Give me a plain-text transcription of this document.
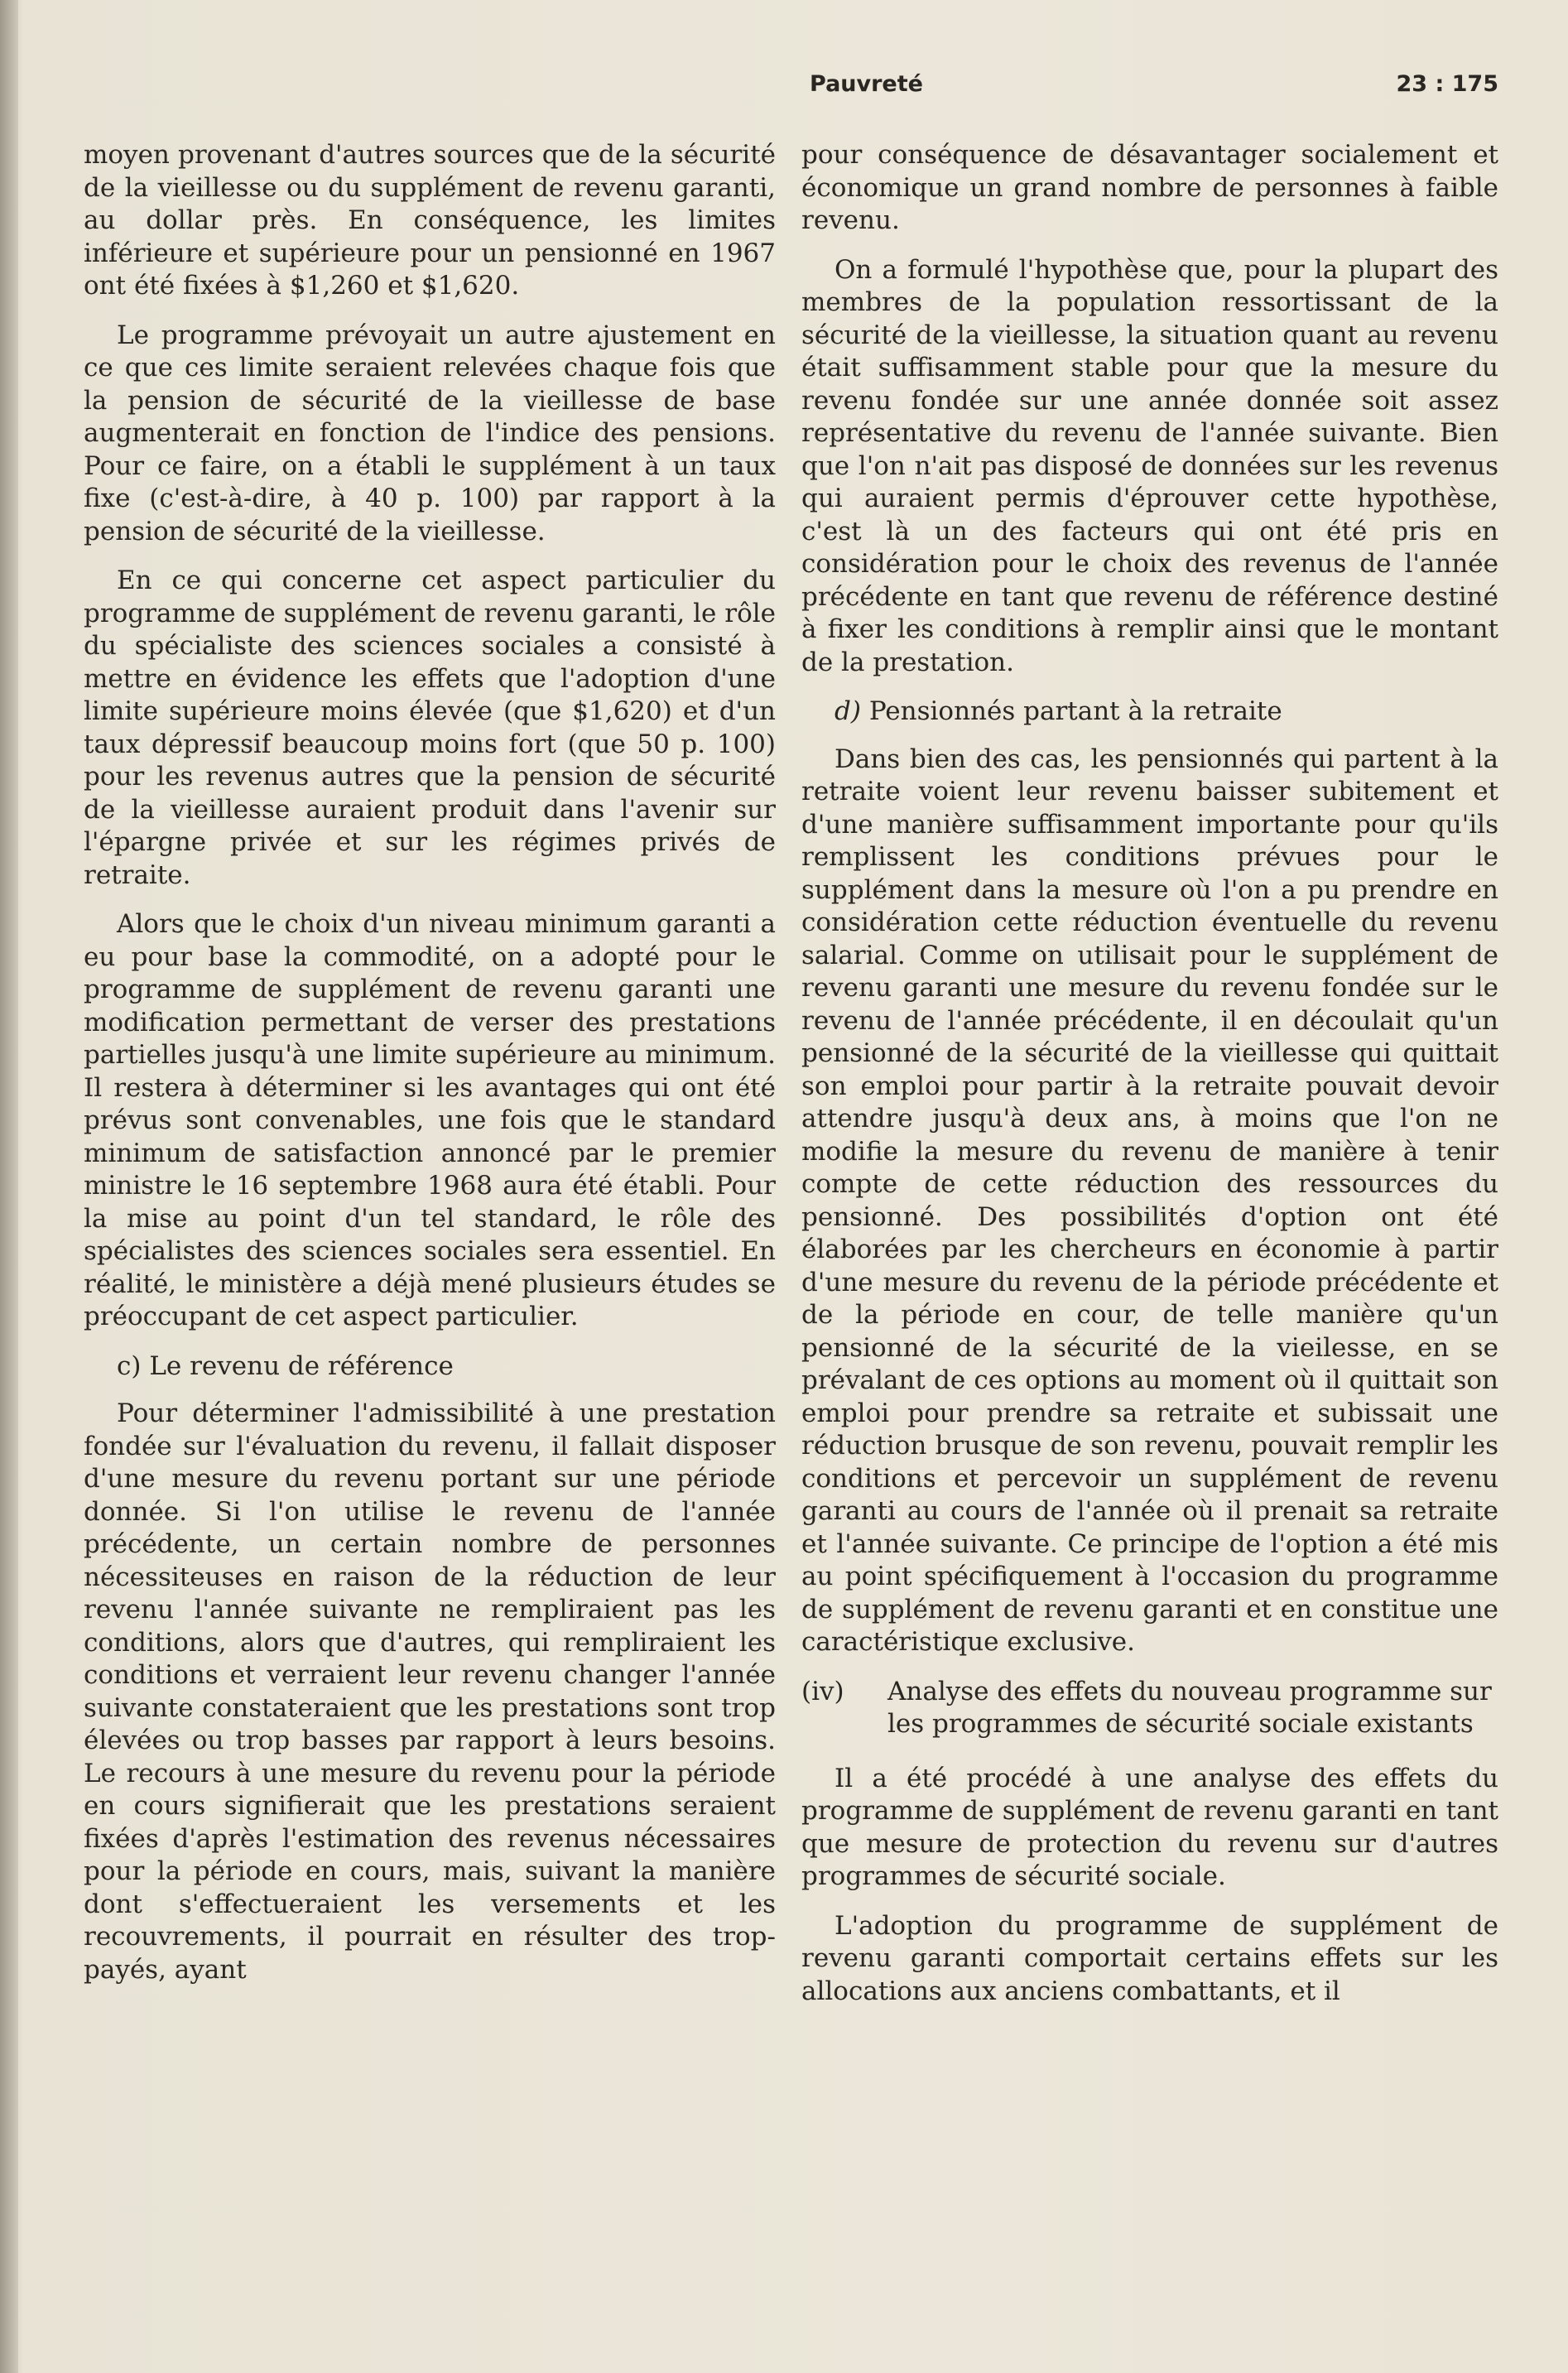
Pauvreté	23 : 175

moyen provenant d'autres sources que de la sécurité de la vieillesse ou du supplément de revenu garanti, au dollar près. En conséquence, les limites inférieure et supérieure pour un pensionné en 1967 ont été fixées à $1,260 et $1,620.

Le programme prévoyait un autre ajustement en ce que ces limite seraient relevées chaque fois que la pension de sécurité de la vieillesse de base augmenterait en fonction de l'indice des pensions. Pour ce faire, on a établi le supplément à un taux fixe (c'est-à-dire, à 40 p. 100) par rapport à la pension de sécurité de la vieillesse.

En ce qui concerne cet aspect particulier du programme de supplément de revenu garanti, le rôle du spécialiste des sciences sociales a consisté à mettre en évidence les effets que l'adoption d'une limite supérieure moins élevée (que $1,620) et d'un taux dépressif beaucoup moins fort (que 50 p. 100) pour les revenus autres que la pension de sécurité de la vieillesse auraient produit dans l'avenir sur l'épargne privée et sur les régimes privés de retraite.

Alors que le choix d'un niveau minimum garanti a eu pour base la commodité, on a adopté pour le programme de supplément de revenu garanti une modification permettant de verser des prestations partielles jusqu'à une limite supérieure au minimum. Il restera à déterminer si les avantages qui ont été prévus sont convenables, une fois que le standard minimum de satisfaction annoncé par le premier ministre le 16 septembre 1968 aura été établi. Pour la mise au point d'un tel standard, le rôle des spécialistes des sciences sociales sera essentiel. En réalité, le ministère a déjà mené plusieurs études se préoccupant de cet aspect particulier.

c) Le revenu de référence

Pour déterminer l'admissibilité à une prestation fondée sur l'évaluation du revenu, il fallait disposer d'une mesure du revenu portant sur une période donnée. Si l'on utilise le revenu de l'année précédente, un certain nombre de personnes nécessiteuses en raison de la réduction de leur revenu l'année suivante ne rempliraient pas les conditions, alors que d'autres, qui rempliraient les conditions et verraient leur revenu changer l'année suivante constateraient que les prestations sont trop élevées ou trop basses par rapport à leurs besoins. Le recours à une mesure du revenu pour la période en cours signifierait que les prestations seraient fixées d'après l'estimation des revenus nécessaires pour la période en cours, mais, suivant la manière dont s'effectueraient les versements et les recouvrements, il pourrait en résulter des trop-payés, ayant

pour conséquence de désavantager socialement et économique un grand nombre de personnes à faible revenu.

On a formulé l'hypothèse que, pour la plupart des membres de la population ressortissant de la sécurité de la vieillesse, la situation quant au revenu était suffisamment stable pour que la mesure du revenu fondée sur une année donnée soit assez représentative du revenu de l'année suivante. Bien que l'on n'ait pas disposé de données sur les revenus qui auraient permis d'éprouver cette hypothèse, c'est là un des facteurs qui ont été pris en considération pour le choix des revenus de l'année précédente en tant que revenu de référence destiné à fixer les conditions à remplir ainsi que le montant de la prestation.

d) Pensionnés partant à la retraite

Dans bien des cas, les pensionnés qui partent à la retraite voient leur revenu baisser subitement et d'une manière suffisamment importante pour qu'ils remplissent les conditions prévues pour le supplément dans la mesure où l'on a pu prendre en considération cette réduction éventuelle du revenu salarial. Comme on utilisait pour le supplément de revenu garanti une mesure du revenu fondée sur le revenu de l'année précédente, il en découlait qu'un pensionné de la sécurité de la vieillesse qui quittait son emploi pour partir à la retraite pouvait devoir attendre jusqu'à deux ans, à moins que l'on ne modifie la mesure du revenu de manière à tenir compte de cette réduction des ressources du pensionné. Des possibilités d'option ont été élaborées par les chercheurs en économie à partir d'une mesure du revenu de la période précédente et de la période en cour, de telle manière qu'un pensionné de la sécurité de la vieilesse, en se prévalant de ces options au moment où il quittait son emploi pour prendre sa retraite et subissait une réduction brusque de son revenu, pouvait remplir les conditions et percevoir un supplément de revenu garanti au cours de l'année où il prenait sa retraite et l'année suivante. Ce principe de l'option a été mis au point spécifiquement à l'occasion du programme de supplément de revenu garanti et en constitue une caractéristique exclusive.

(iv)	Analyse des effets du nouveau programme sur les programmes de sécurité sociale existants

Il a été procédé à une analyse des effets du programme de supplément de revenu garanti en tant que mesure de protection du revenu sur d'autres programmes de sécurité sociale.

L'adoption du programme de supplément de revenu garanti comportait certains effets sur les allocations aux anciens combattants, et il
